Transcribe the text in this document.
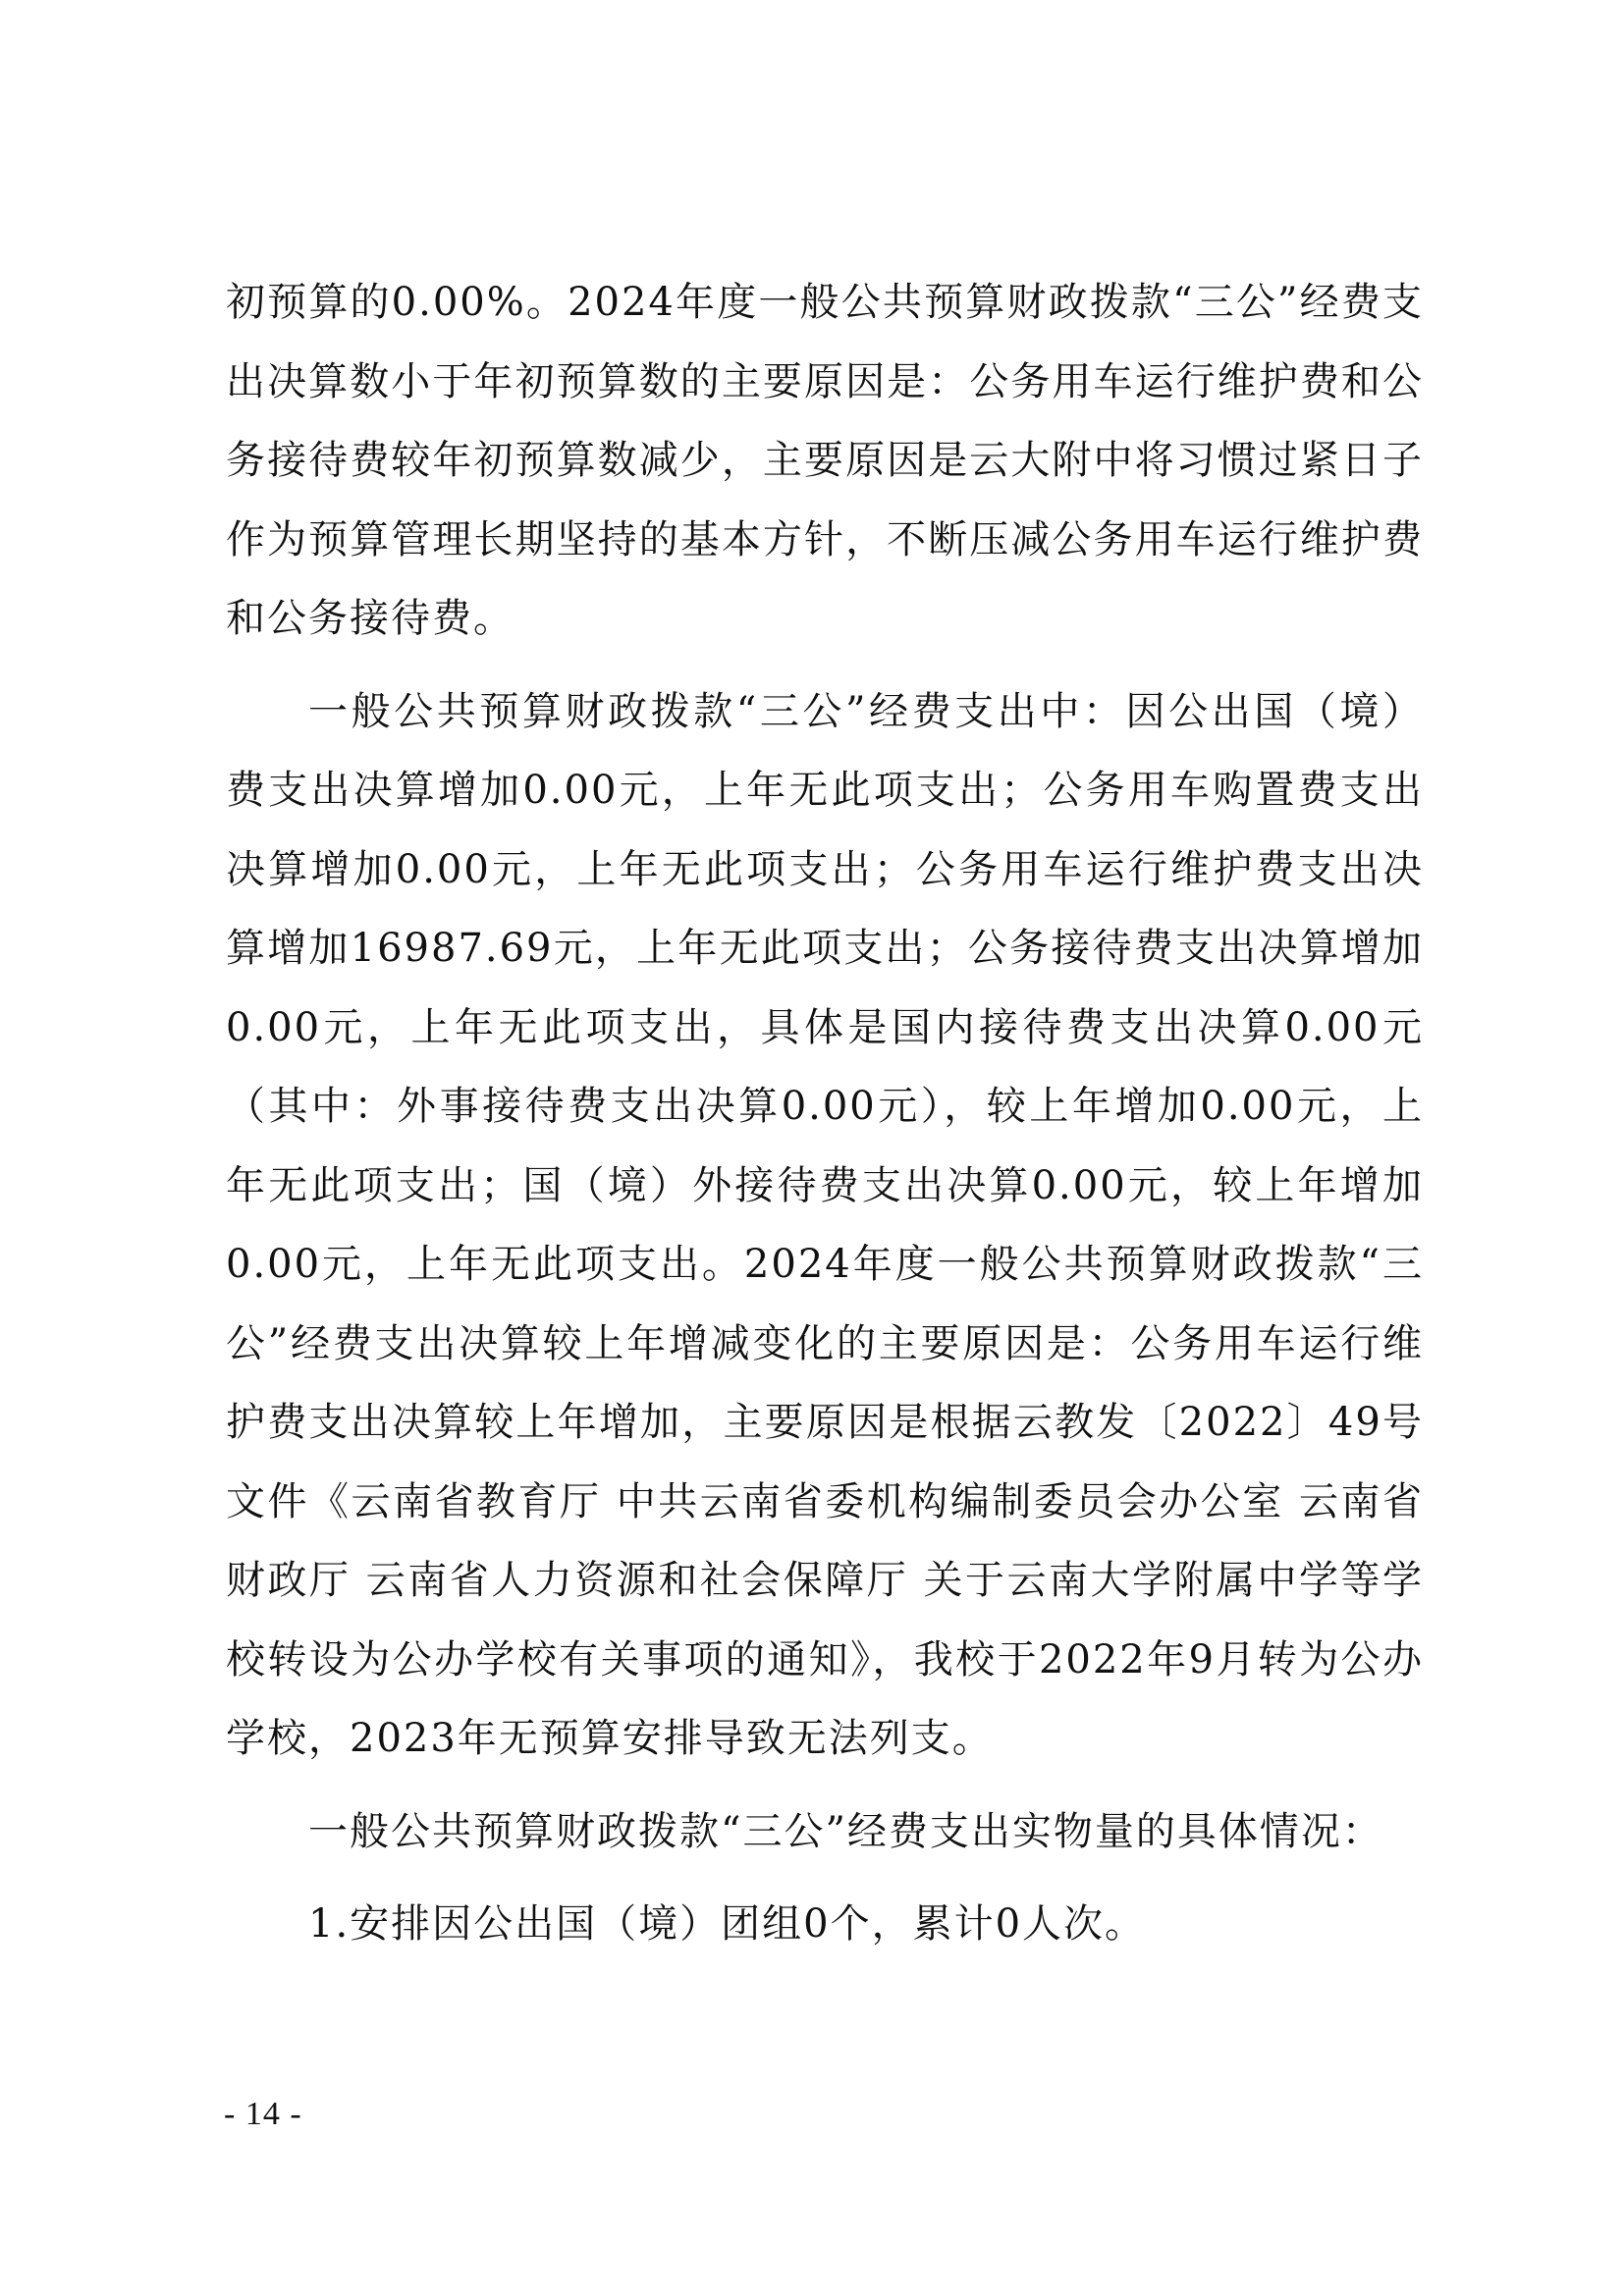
初预算的0.00%。2024年度一般公共预算财政拨款“三公”经费支出决算数小于年初预算数的主要原因是：公务用车运行维护费和公务接待费较年初预算数减少，主要原因是云大附中将习惯过紧日子作为预算管理长期坚持的基本方针，不断压减公务用车运行维护费和公务接待费。

一般公共预算财政拨款“三公”经费支出中：因公出国（境）费支出决算增加0.00元，上年无此项支出；公务用车购置费支出决算增加0.00元，上年无此项支出；公务用车运行维护费支出决算增加16987.69元，上年无此项支出；公务接待费支出决算增加0.00元，上年无此项支出，具体是国内接待费支出决算0.00元（其中：外事接待费支出决算0.00元），较上年增加0.00元，上年无此项支出；国（境）外接待费支出决算0.00元，较上年增加0.00元，上年无此项支出。2024年度一般公共预算财政拨款“三公”经费支出决算较上年增减变化的主要原因是：公务用车运行维护费支出决算较上年增加，主要原因是根据云教发〔2022〕49号文件《云南省教育厅 中共云南省委机构编制委员会办公室 云南省财政厅 云南省人力资源和社会保障厅 关于云南大学附属中学等学校转设为公办学校有关事项的通知》，我校于2022年9月转为公办学校，2023年无预算安排导致无法列支。

一般公共预算财政拨款“三公”经费支出实物量的具体情况：

1.安排因公出国（境）团组0个，累计0人次。

- 14 -
